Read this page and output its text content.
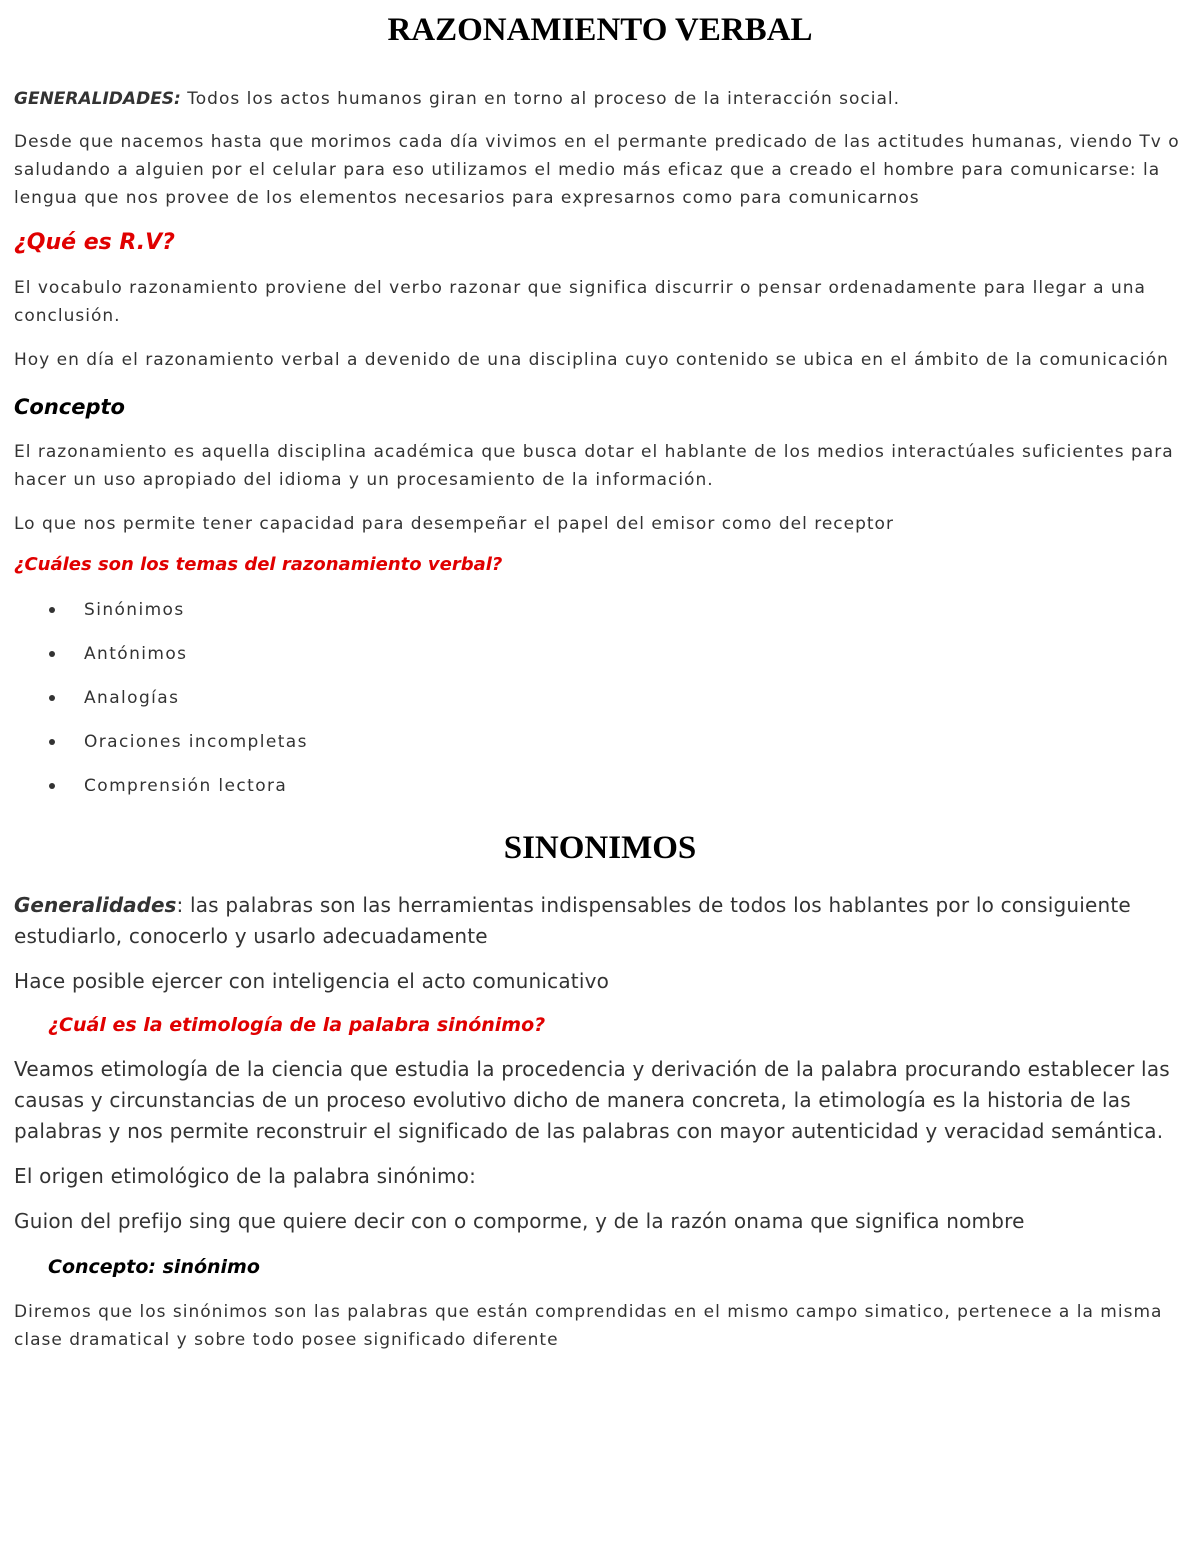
RAZONAMIENTO VERBAL

GENERALIDADES: Todos los actos humanos giran en torno al proceso de la interacción social.

Desde que nacemos hasta que morimos cada día vivimos en el permante predicado de las actitudes humanas, viendo Tv o saludando a alguien por el celular para eso utilizamos el medio más eficaz que a creado el hombre para comunicarse: la lengua que nos provee de los elementos necesarios para expresarnos como para comunicarnos

¿Qué es R.V?

El vocabulo razonamiento proviene del verbo razonar que significa discurrir o pensar ordenadamente para llegar a una conclusión.

Hoy en día el razonamiento verbal a devenido de una disciplina cuyo contenido se ubica en el ámbito de la comunicación

Concepto

El razonamiento es aquella disciplina académica que busca dotar el hablante de los medios interactúales suficientes para hacer un uso apropiado del idioma y un procesamiento de la información.

Lo que nos permite tener capacidad para desempeñar el papel del emisor como del receptor

¿Cuáles son los temas del razonamiento verbal?
Sinónimos
Antónimos
Analogías
Oraciones incompletas
Comprensión lectora
SINONIMOS

Generalidades: las palabras son las herramientas indispensables de todos los hablantes por lo consiguiente estudiarlo, conocerlo y usarlo adecuadamente

Hace posible ejercer con inteligencia el acto comunicativo

¿Cuál es la etimología de la palabra sinónimo?

Veamos etimología de la ciencia que estudia la procedencia y derivación de la palabra procurando establecer las causas y circunstancias de un proceso evolutivo dicho de manera concreta, la etimología es la historia de las palabras y nos permite reconstruir el significado de las palabras con mayor autenticidad y veracidad semántica.

El origen etimológico de la palabra sinónimo:

Guion del prefijo sing que quiere decir con o comporme, y de la razón onama que significa nombre

Concepto: sinónimo

Diremos que los sinónimos son las palabras que están comprendidas en el mismo campo simatico, pertenece a la misma clase dramatical y sobre todo posee significado diferente
